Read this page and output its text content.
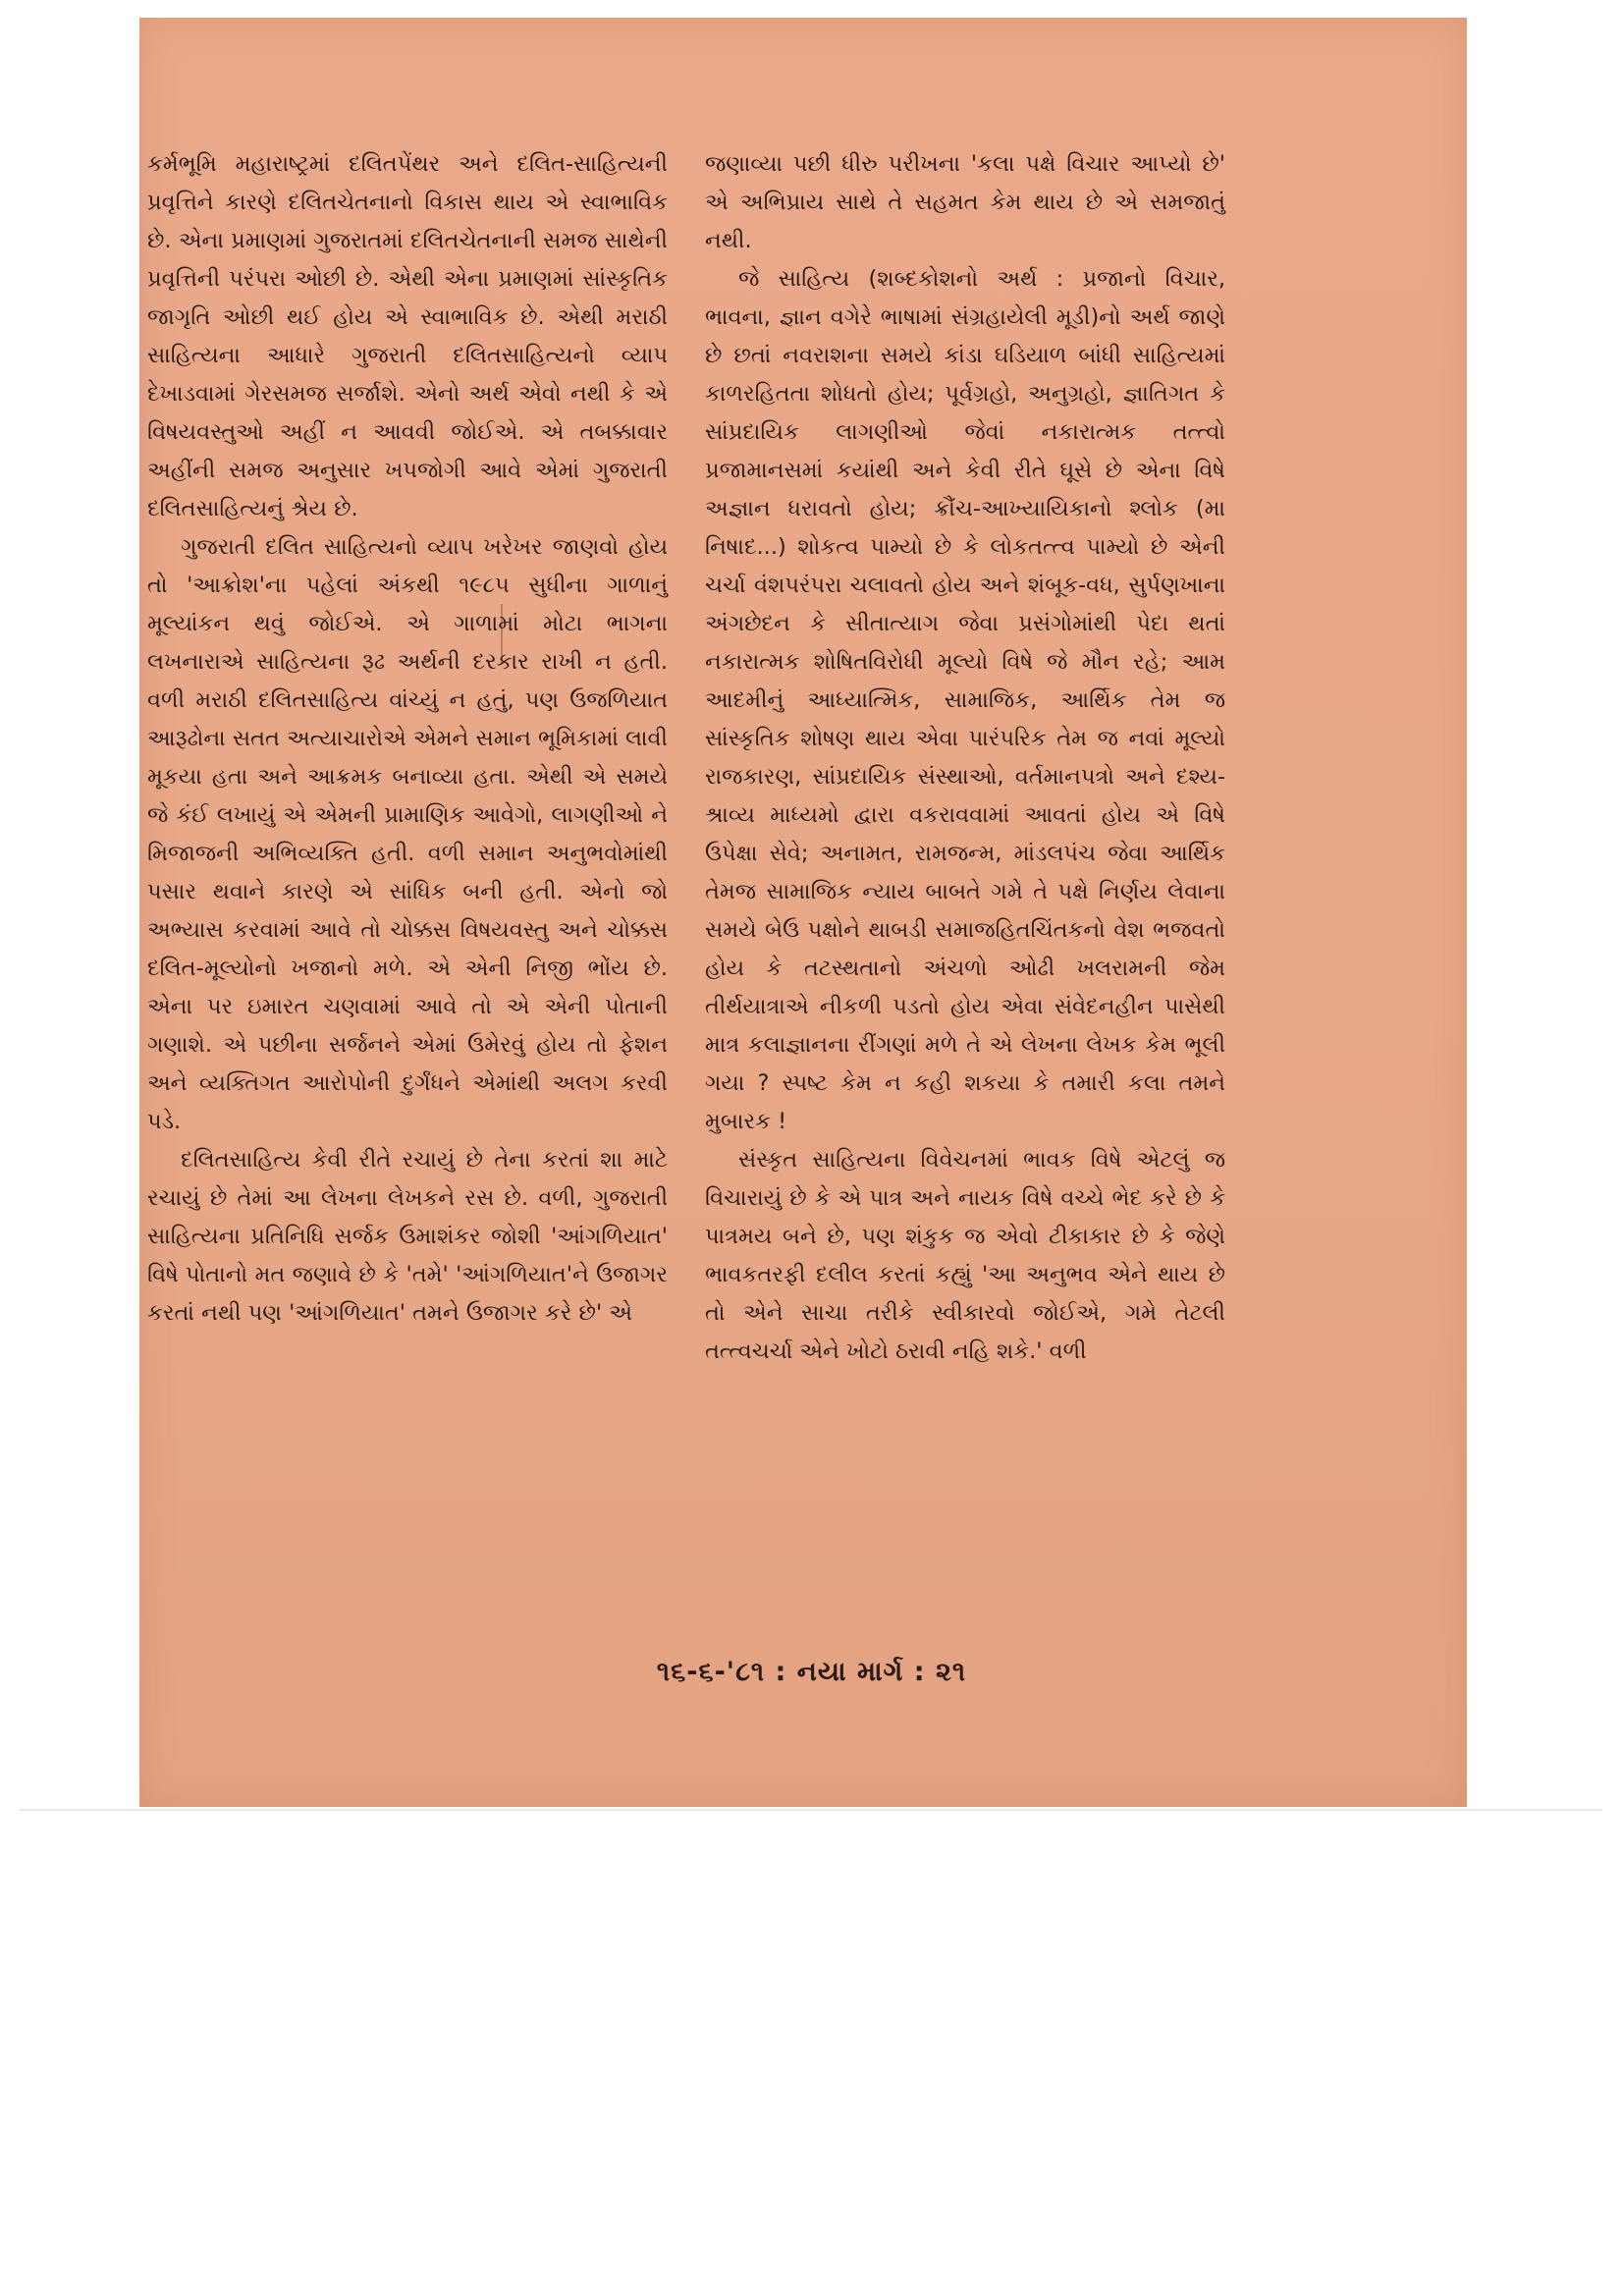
કર્મભૂમિ મહારાષ્ટ્રમાં દલિતપેંથર અને દલિત-સાહિત્યની પ્રવૃત્તિને કારણે દલિતચેતનાનો વિકાસ થાય એ સ્વાભાવિક છે. એના પ્રમાણમાં ગુજરાતમાં દલિતચેતનાની સમજ સાથેની પ્રવૃત્તિની પરંપરા ઓછી છે. એથી એના પ્રમાણમાં સાંસ્કૃતિક જાગૃતિ ઓછી થઈ હોય એ સ્વાભાવિક છે. એથી મરાઠી સાહિત્યના આધારે ગુજરાતી દલિતસાહિત્યનો વ્યાપ દેખાડવામાં ગેરસમજ સર્જાશે. એનો અર્થ એવો નથી કે એ વિષયવસ્તુઓ અહીં ન આવવી જોઈએ. એ તબક્કાવાર અહીંની સમજ અનુસાર ખપજોગી આવે એમાં ગુજરાતી દલિતસાહિત્યનું શ્રેય છે.

ગુજરાતી દલિત સાહિત્યનો વ્યાપ ખરેખર જાણવો હોય તો 'આક્રોશ'ના પહેલાં અંકથી ૧૯૮૫ સુધીના ગાળાનું મૂલ્યાંકન થવું જોઈએ. એ ગાળામાં મોટા ભાગના લખનારાએ સાહિત્યના રૂઢ અર્થની દરકાર રાખી ન હતી. વળી મરાઠી દલિતસાહિત્ય વાંચ્યું ન હતું, પણ ઉજળિયાત આરૂઢોના સતત અત્યાચારોએ એમને સમાન ભૂમિકામાં લાવી મૂકયા હતા અને આક્રમક બનાવ્યા હતા. એથી એ સમયે જે કંઈ લખાયું એ એમની પ્રામાણિક આવેગો, લાગણીઓ ને મિજાજની અભિવ્યક્તિ હતી. વળી સમાન અનુભવોમાંથી પસાર થવાને કારણે એ સાંધિક બની હતી. એનો જો અભ્યાસ કરવામાં આવે તો ચોક્કસ વિષયવસ્તુ અને ચોક્કસ દલિત-મૂલ્યોનો ખજાનો મળે. એ એની નિજી ભોંય છે. એના પર ઇમારત ચણવામાં આવે તો એ એની પોતાની ગણાશે. એ પછીના સર્જનને એમાં ઉમેરવું હોય તો ફેશન અને વ્યક્તિગત આરોપોની દુર્ગંધને એમાંથી અલગ કરવી પડે.

દલિતસાહિત્ય કેવી રીતે રચાયું છે તેના કરતાં શા માટે રચાયું છે તેમાં આ લેખના લેખકને રસ છે. વળી, ગુજરાતી સાહિત્યના પ્રતિનિધિ સર્જક ઉમાશંકર જોશી 'આંગળિયાત' વિષે પોતાનો મત જણાવે છે કે 'તમે' 'આંગળિયાત'ને ઉજાગર કરતાં નથી પણ 'આંગળિયાત' તમને ઉજાગર કરે છે' એ

જણાવ્યા પછી ધીરુ પરીખના 'કલા પક્ષે વિચાર આપ્યો છે' એ અભિપ્રાય સાથે તે સહમત કેમ થાય છે એ સમજાતું નથી.

જે સાહિત્ય (શબ્દકોશનો અર્થ : પ્રજાનો વિચાર, ભાવના, જ્ઞાન વગેરે ભાષામાં સંગ્રહાયેલી મૂડી)નો અર્થ જાણે છે છતાં નવરાશના સમયે કાંડા ઘડિયાળ બાંધી સાહિત્યમાં કાળરહિતતા શોધતો હોય; પૂર્વગ્રહો, અનુગ્રહો, જ્ઞાતિગત કે સાંપ્રદાયિક લાગણીઓ જેવાં નકારાત્મક તત્ત્વો પ્રજામાનસમાં કયાંથી અને કેવી રીતે ઘૂસે છે એના વિષે અજ્ઞાન ધરાવતો હોય; ક્રૌંચ-આખ્યાયિકાનો શ્લોક (મા નિષાદ...) શોકત્વ પામ્યો છે કે લોકતત્ત્વ પામ્યો છે એની ચર્ચા વંશપરંપરા ચલાવતો હોય અને શંબૂક-વધ, સુર્પણખાના અંગછેદન કે સીતાત્યાગ જેવા પ્રસંગોમાંથી પેદા થતાં નકારાત્મક શોષિતવિરોધી મૂલ્યો વિષે જે મૌન રહે; આમ આદમીનું આધ્યાત્મિક, સામાજિક, આર્થિક તેમ જ સાંસ્કૃતિક શોષણ થાય એવા પારંપરિક તેમ જ નવાં મૂલ્યો રાજકારણ, સાંપ્રદાયિક સંસ્થાઓ, વર્તમાનપત્રો અને દશ્ય-શ્રાવ્ય માધ્યમો દ્વારા વકરાવવામાં આવતાં હોય એ વિષે ઉપેક્ષા સેવે; અનામત, રામજન્મ, માંડલપંચ જેવા આર્થિક તેમજ સામાજિક ન્યાય બાબતે ગમે તે પક્ષે નિર્ણય લેવાના સમયે બેઉ પક્ષોને થાબડી સમાજહિતચિંતકનો વેશ ભજવતો હોય કે તટસ્થતાનો અંચળો ઓઢી ખલરામની જેમ તીર્થયાત્રાએ નીકળી પડતો હોય એવા સંવેદનહીન પાસેથી માત્ર કલાજ્ઞાનના રીંગણાં મળે તે એ લેખના લેખક કેમ ભૂલી ગયા ? સ્પષ્ટ કેમ ન કહી શકયા કે તમારી કલા તમને મુબારક !

સંસ્કૃત સાહિત્યના વિવેચનમાં ભાવક વિષે એટલું જ વિચારાયું છે કે એ પાત્ર અને નાયક વિષે વચ્ચે ભેદ કરે છે કે પાત્રમય બને છે, પણ શંકુક જ એવો ટીકાકાર છે કે જેણે ભાવકતરફી દલીલ કરતાં કહ્યું 'આ અનુભવ એને થાય છે તો એને સાચા તરીકે સ્વીકારવો જોઈએ, ગમે તેટલી તત્ત્વચર્ચા એને ખોટો ઠરાવી નહિ શકે.' વળી

૧૬-૬-'૮૧ : નયા માર્ગ : ૨૧
